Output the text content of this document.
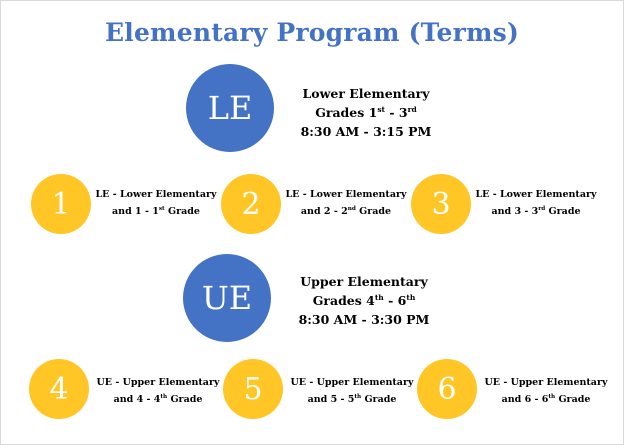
Elementary Program (Terms)
LE	Lower Elementary
Grades 1st - 3rd
8:30 AM - 3:15 PM
1	LE - Lower Elementary
and 1 - 1st Grade	2	LE - Lower Elementary
and 2 - 2nd Grade	3	LE - Lower Elementary
and 3 - 3rd Grade
UE	Upper Elementary
Grades 4th - 6th
8:30 AM - 3:30 PM
4	UE - Upper Elementary
and 4 - 4th Grade	5	UE - Upper Elementary
and 5 - 5th Grade	6	UE - Upper Elementary
and 6 - 6th Grade
